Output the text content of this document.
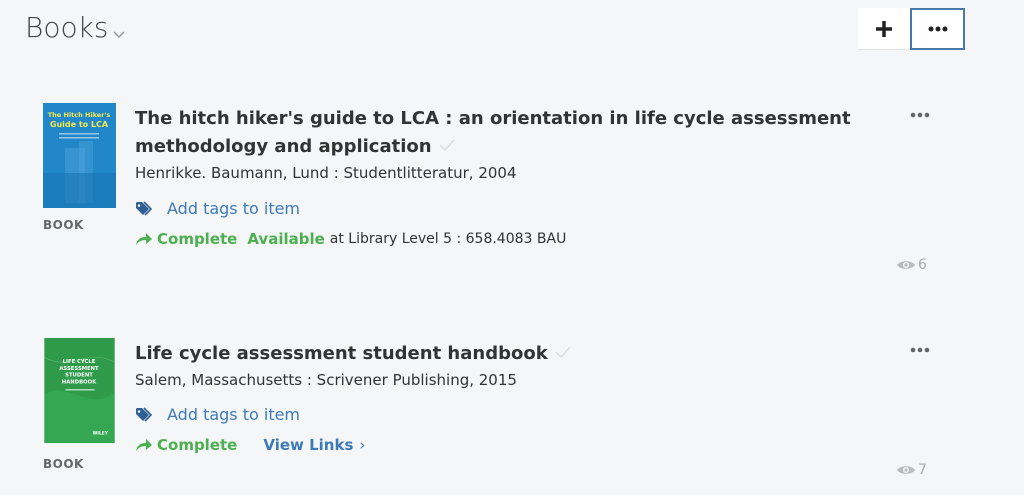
Books
The Hitch Hiker's
Guide to LCA
BOOK
The hitch hiker's guide to LCA : an orientation in life cycle assessment methodology and application
Henrikke. Baumann, Lund : Studentlitteratur, 2004
Add tags to item
Complete Available at Library Level 5 : 658.4083 BAU
6
LIFE CYCLE
ASSESSMENT
STUDENT
HANDBOOK
WILEY
BOOK
Life cycle assessment student handbook
Salem, Massachusetts : Scrivener Publishing, 2015
Add tags to item
Complete View Links ›
7
